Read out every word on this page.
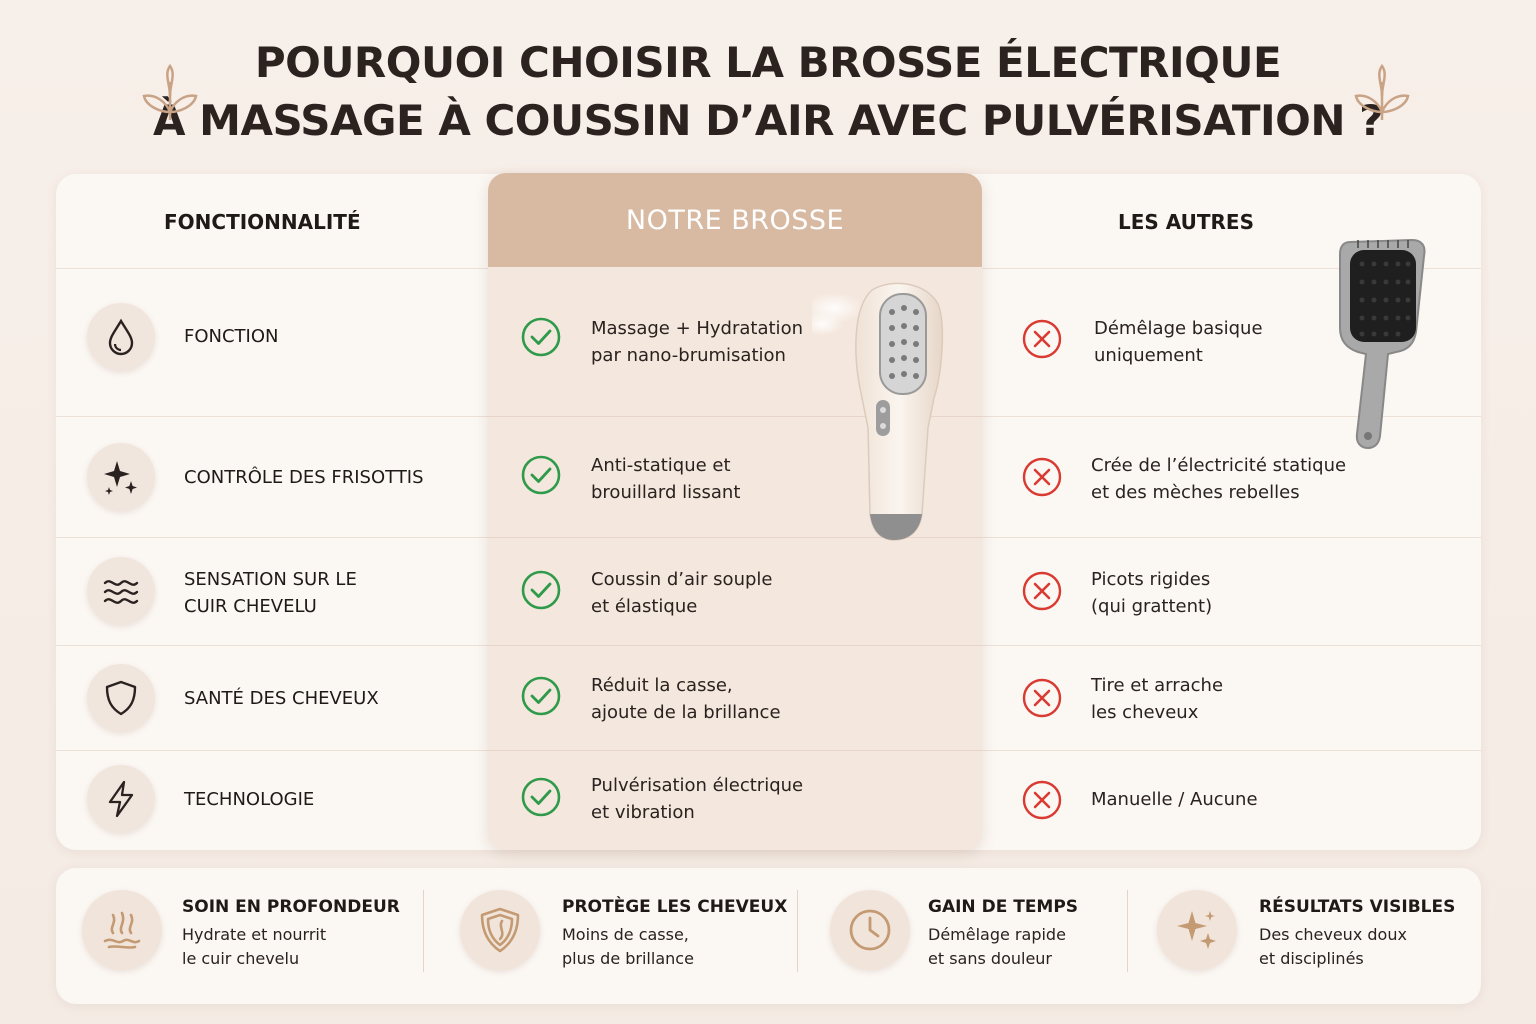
POURQUOI CHOISIR LA BROSSE ÉLECTRIQUE
À MASSAGE À COUSSIN D’AIR AVEC PULVÉRISATION ?
NOTRE BROSSE
FONCTIONNALITÉ	LES AUTRES
FONCTION	Massage + Hydratation
par nano-brumisation
Démêlage basique
uniquement
CONTRÔLE DES FRISOTTIS
Anti-statique et
brouillard lissant
Crée de l’électricité statique
et des mèches rebelles
SENSATION SUR LE
CUIR CHEVELU
Coussin d’air souple
et élastique
Picots rigides
(qui grattent)
SANTÉ DES CHEVEUX
Réduit la casse,
ajoute de la brillance
Tire et arrache
les cheveux
TECHNOLOGIE
Pulvérisation électrique
et vibration
Manuelle / Aucune
SOIN EN PROFONDEUR
Hydrate et nourrit
le cuir chevelu
PROTÈGE LES CHEVEUX
Moins de casse,
plus de brillance
GAIN DE TEMPS
Démêlage rapide
et sans douleur
RÉSULTATS VISIBLES
Des cheveux doux
et disciplinés
